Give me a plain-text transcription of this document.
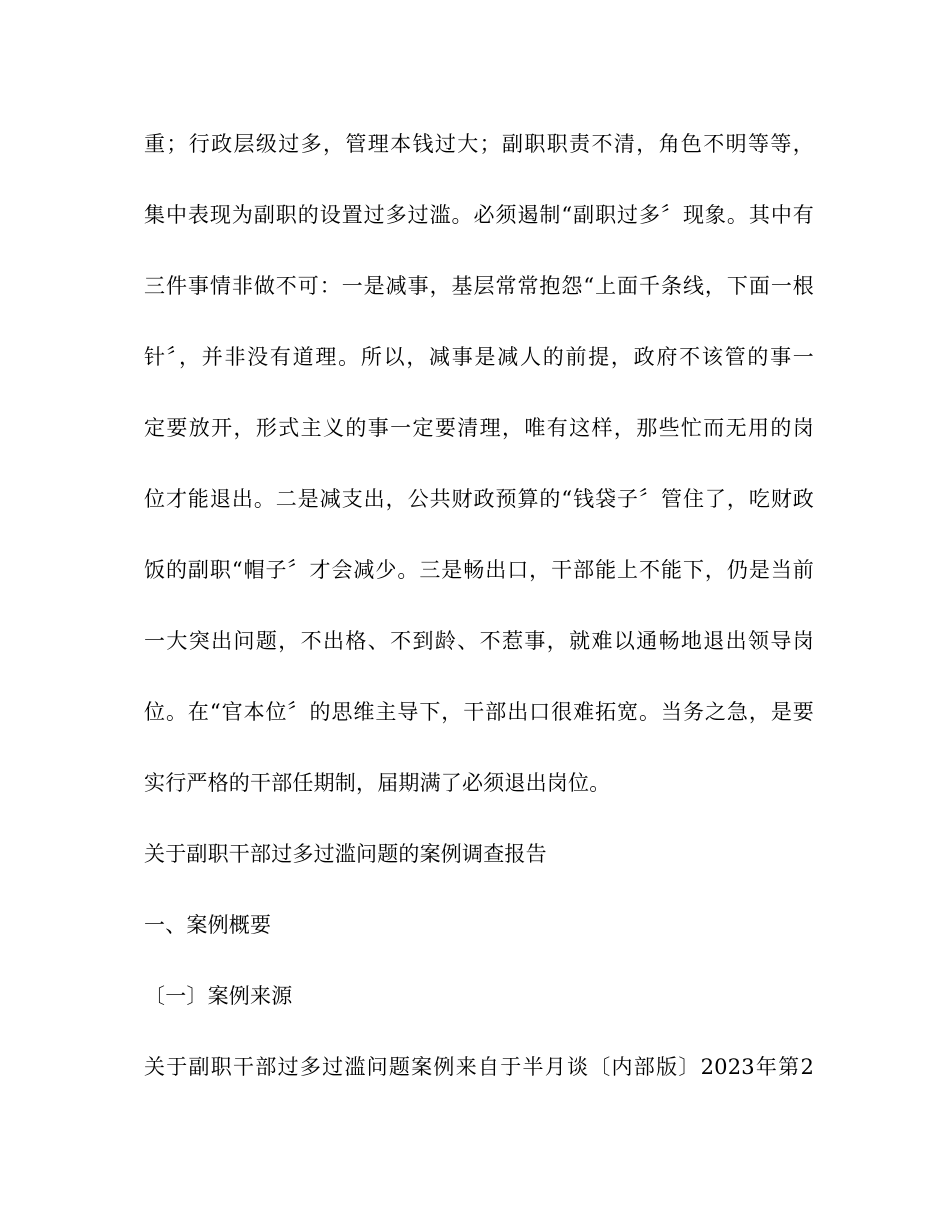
重；行政层级过多，管理本钱过大；副职职责不清，角色不明等等，
集中表现为副职的设置过多过滥。必须遏制“副职过多〞现象。其中有
三件事情非做不可：一是减事，基层常常抱怨“上面千条线，下面一根
针〞，并非没有道理。所以，减事是减人的前提，政府不该管的事一
定要放开，形式主义的事一定要清理，唯有这样，那些忙而无用的岗
位才能退出。二是减支出，公共财政预算的“钱袋子〞管住了，吃财政
饭的副职“帽子〞才会减少。三是畅出口，干部能上不能下，仍是当前
一大突出问题，不出格、不到龄、不惹事，就难以通畅地退出领导岗
位。在“官本位〞的思维主导下，干部出口很难拓宽。当务之急，是要
实行严格的干部任期制，届期满了必须退出岗位。
关于副职干部过多过滥问题的案例调查报告
一、案例概要
〔一〕案例来源
关于副职干部过多过滥问题案例来自于半月谈〔内部版〕2023年第2
